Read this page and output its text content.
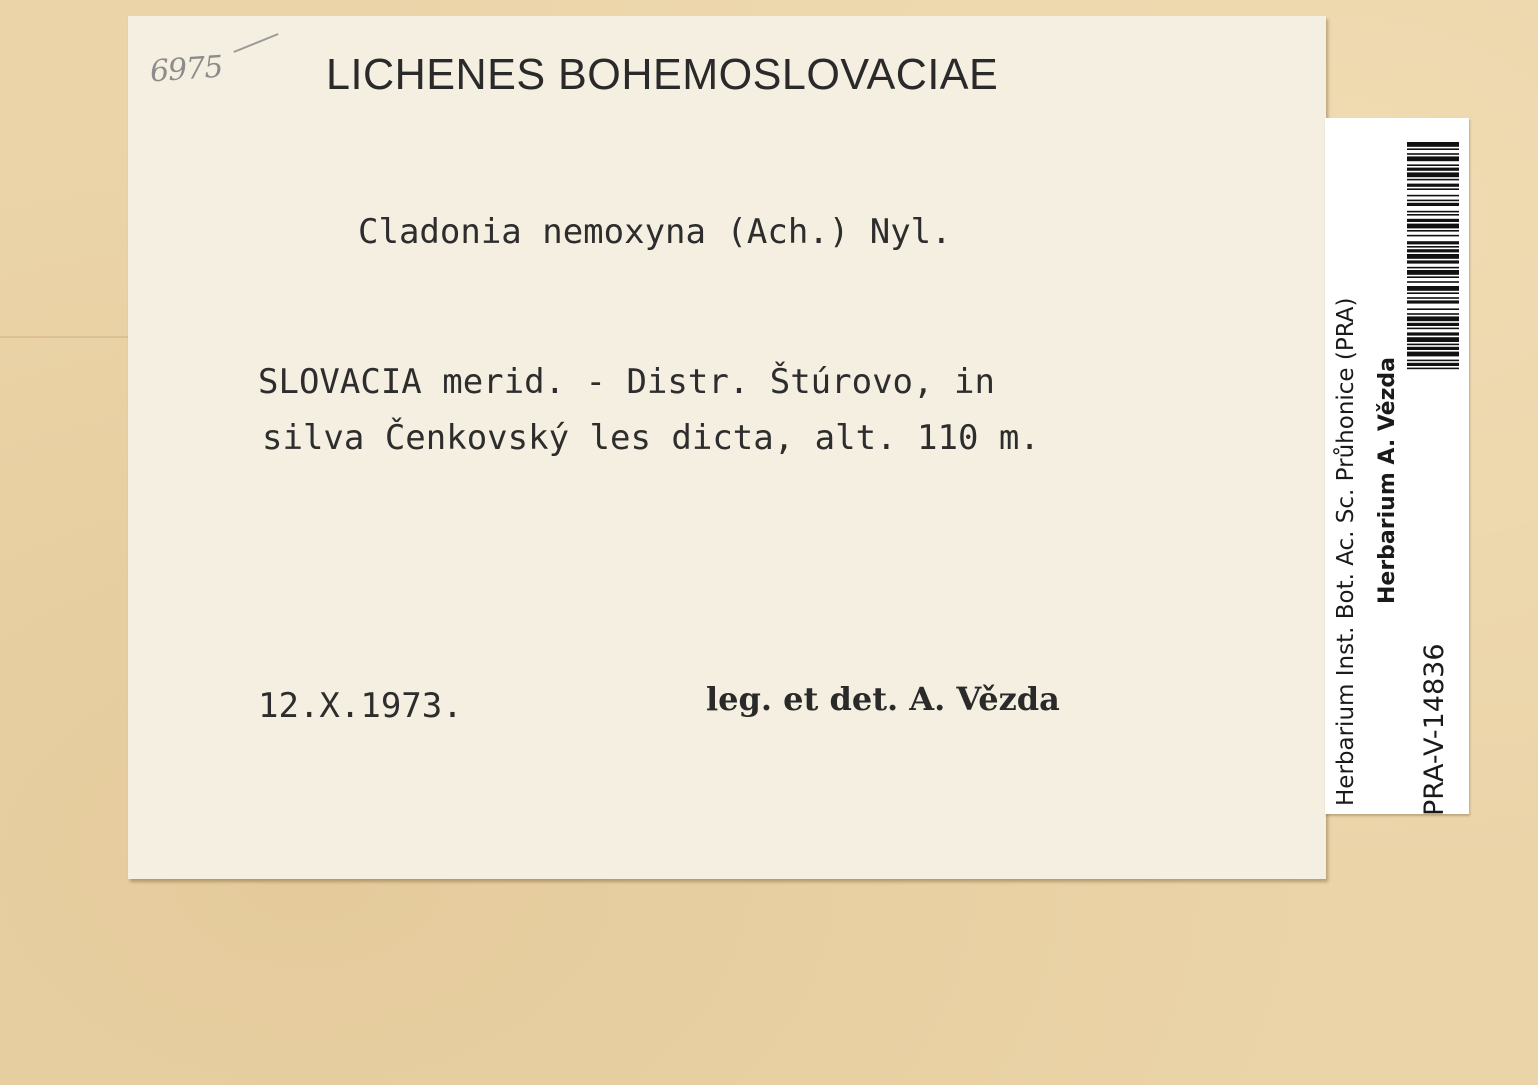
6975 LICHENES BOHEMOSLOVACIAE
Cladonia nemoxyna (Ach.) Nyl.
SLOVACIA merid. - Distr. Štúrovo, in
silva Čenkovský les dicta, alt. 110 m.
12.X.1973.	leg. et det. A. Vězda	Herbarium Inst. Bot. Ac. Sc. Průhonice (PRA) Herbarium A. Vězda
PRA-V-14836
